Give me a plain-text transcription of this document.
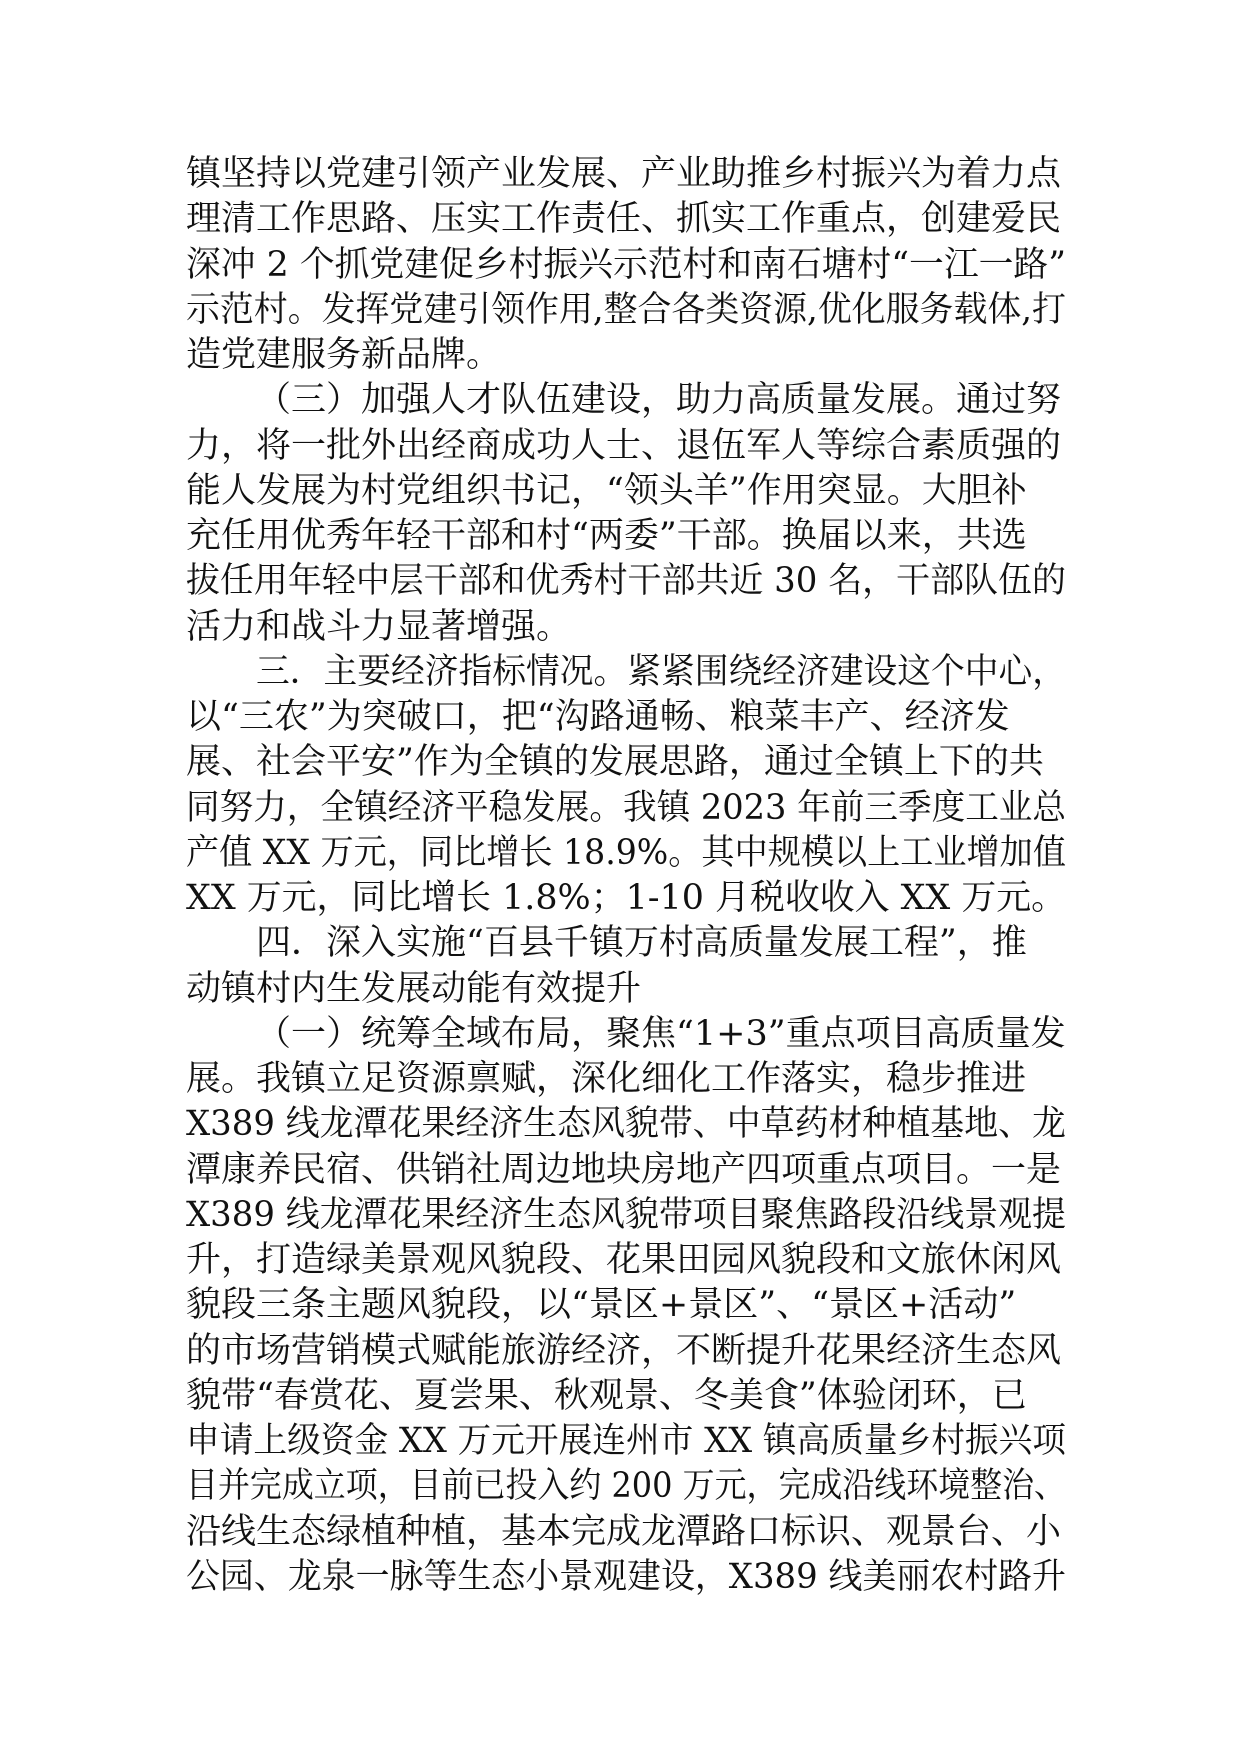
镇坚持以党建引领产业发展、产业助推乡村振兴为着力点
理清工作思路、压实工作责任、抓实工作重点，创建爱民
深冲 2 个抓党建促乡村振兴示范村和南石塘村“一江一路”
示范村。发挥党建引领作用,整合各类资源,优化服务载体,打
造党建服务新品牌。
（三）加强人才队伍建设，助力高质量发展。通过努
力，将一批外出经商成功人士、退伍军人等综合素质强的
能人发展为村党组织书记，“领头羊”作用突显。大胆补
充任用优秀年轻干部和村“两委”干部。换届以来，共选
拔任用年轻中层干部和优秀村干部共近 30 名，干部队伍的
活力和战斗力显著增强。
三．主要经济指标情况。紧紧围绕经济建设这个中心，
以“三农”为突破口，把“沟路通畅、粮菜丰产、经济发
展、社会平安”作为全镇的发展思路，通过全镇上下的共
同努力，全镇经济平稳发展。我镇 2023 年前三季度工业总
产值 XX 万元，同比增长 18.9%。其中规模以上工业增加值
XX 万元，同比增长 1.8%；1-10 月税收收入 XX 万元。
四．深入实施“百县千镇万村高质量发展工程”，推
动镇村内生发展动能有效提升
（一）统筹全域布局，聚焦“1+3”重点项目高质量发
展。我镇立足资源禀赋，深化细化工作落实，稳步推进
X389 线龙潭花果经济生态风貌带、中草药材种植基地、龙
潭康养民宿、供销社周边地块房地产四项重点项目。一是
X389 线龙潭花果经济生态风貌带项目聚焦路段沿线景观提
升，打造绿美景观风貌段、花果田园风貌段和文旅休闲风
貌段三条主题风貌段，以“景区+景区”、“景区+活动”
的市场营销模式赋能旅游经济，不断提升花果经济生态风
貌带“春赏花、夏尝果、秋观景、冬美食”体验闭环，已
申请上级资金 XX 万元开展连州市 XX 镇高质量乡村振兴项
目并完成立项，目前已投入约 200 万元，完成沿线环境整治、
沿线生态绿植种植，基本完成龙潭路口标识、观景台、小
公园、龙泉一脉等生态小景观建设，X389 线美丽农村路升
